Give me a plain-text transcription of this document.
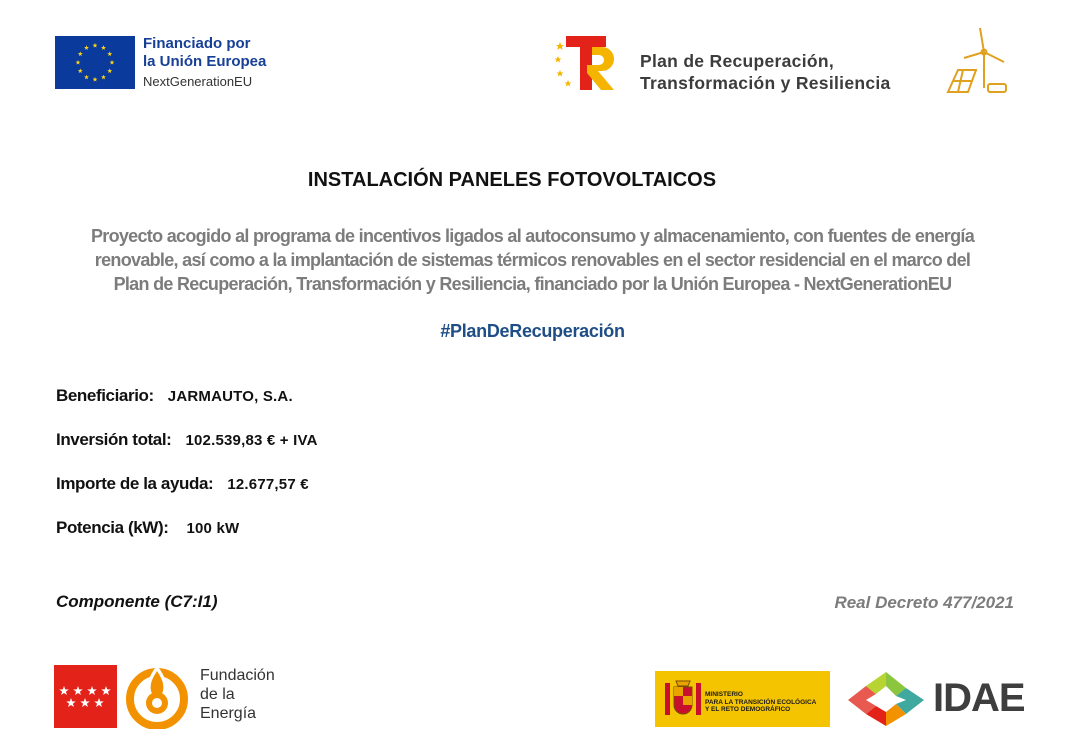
Financiado por
la Unión Europea
NextGenerationEU
Plan de Recuperación,
Transformación y Resiliencia
INSTALACIÓN PANELES FOTOVOLTAICOS
Proyecto acogido al programa de incentivos ligados al autoconsumo y almacenamiento, con fuentes de energía
renovable, así como a la implantación de sistemas térmicos renovables en el sector residencial en el marco del
Plan de Recuperación, Transformación y Resiliencia, financiado por la Unión Europea - NextGenerationEU
#PlanDeRecuperación
Beneficiario: JARMAUTO, S.A.
Inversión total: 102.539,83 € + IVA
Importe de la ayuda: 12.677,57 €
Potencia (kW): 100 kW
Componente (C7:I1)	Real Decreto 477/2021
Fundación
de la
Energía
MINISTERIO
PARA LA TRANSICIÓN ECOLÓGICA
Y EL RETO DEMOGRÁFICO	IDAE
